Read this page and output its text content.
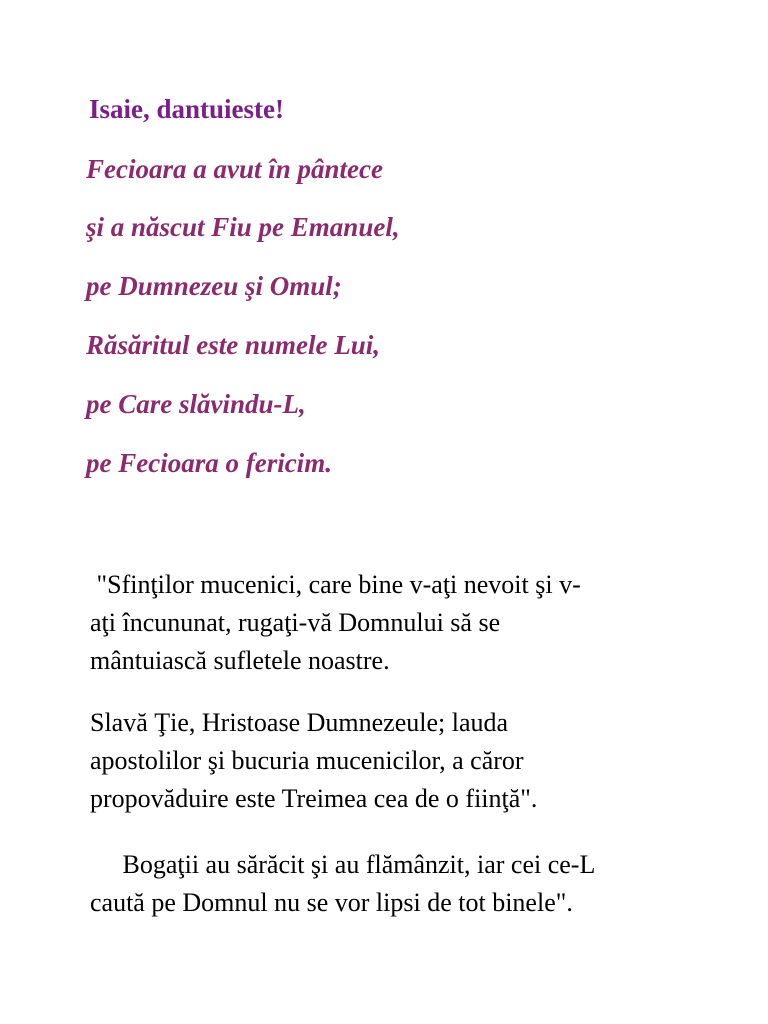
Isaie, dantuieste!

Fecioara a avut în pântece

şi a născut Fiu pe Emanuel,

pe Dumnezeu şi Omul;

Răsăritul este numele Lui,

pe Care slăvindu-L,

pe Fecioara o fericim.

"Sfinţilor mucenici, care bine v-aţi nevoit şi v-
aţi încununat, rugaţi-vă Domnului să se
mântuiască sufletele noastre.
Slavă Ţie, Hristoase Dumnezeule; lauda
apostolilor şi bucuria mucenicilor, a căror
propovăduire este Treimea cea de o fiinţă".
Bogaţii au sărăcit şi au flămânzit, iar cei ce-L
caută pe Domnul nu se vor lipsi de tot binele".
